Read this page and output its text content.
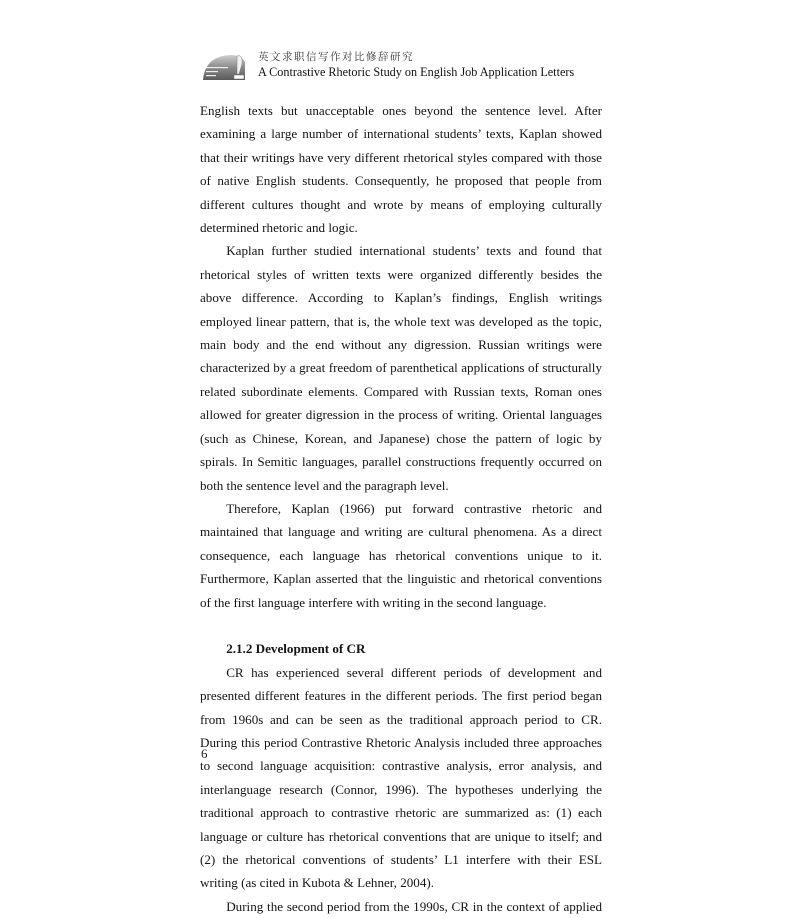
英文求职信写作对比修辞研究
A Contrastive Rhetoric Study on English Job Application Letters

English texts but unacceptable ones beyond the sentence level. After examining a large number of international students’ texts, Kaplan showed that their writings have very different rhetorical styles compared with those of native English students. Consequently, he proposed that people from different cultures thought and wrote by means of employing culturally determined rhetoric and logic.

Kaplan further studied international students’ texts and found that rhetorical styles of written texts were organized differently besides the above difference. According to Kaplan’s findings, English writings employed linear pattern, that is, the whole text was developed as the topic, main body and the end without any digression. Russian writings were characterized by a great freedom of parenthetical applications of structurally related subordinate elements. Compared with Russian texts, Roman ones allowed for greater digression in the process of writing. Oriental languages (such as Chinese, Korean, and Japanese) chose the pattern of logic by spirals. In Semitic languages, parallel constructions frequently occurred on both the sentence level and the paragraph level.

Therefore, Kaplan (1966) put forward contrastive rhetoric and maintained that language and writing are cultural phenomena. As a direct consequence, each language has rhetorical conventions unique to it. Furthermore, Kaplan asserted that the linguistic and rhetorical conventions of the first language interfere with writing in the second language.

2.1.2 Development of CR

CR has experienced several different periods of development and presented different features in the different periods. The first period began from 1960s and can be seen as the traditional approach period to CR. During this period Contrastive Rhetoric Analysis included three approaches to second language acquisition: contrastive analysis, error analysis, and interlanguage research (Connor, 1996). The hypotheses underlying the traditional approach to contrastive rhetoric are summarized as: (1) each language or culture has rhetorical conventions that are unique to itself; and (2) the rhetorical conventions of students’ L1 interfere with their ESL writing (as cited in Kubota & Lehner, 2004).

During the second period from the 1990s, CR in the context of applied

6
